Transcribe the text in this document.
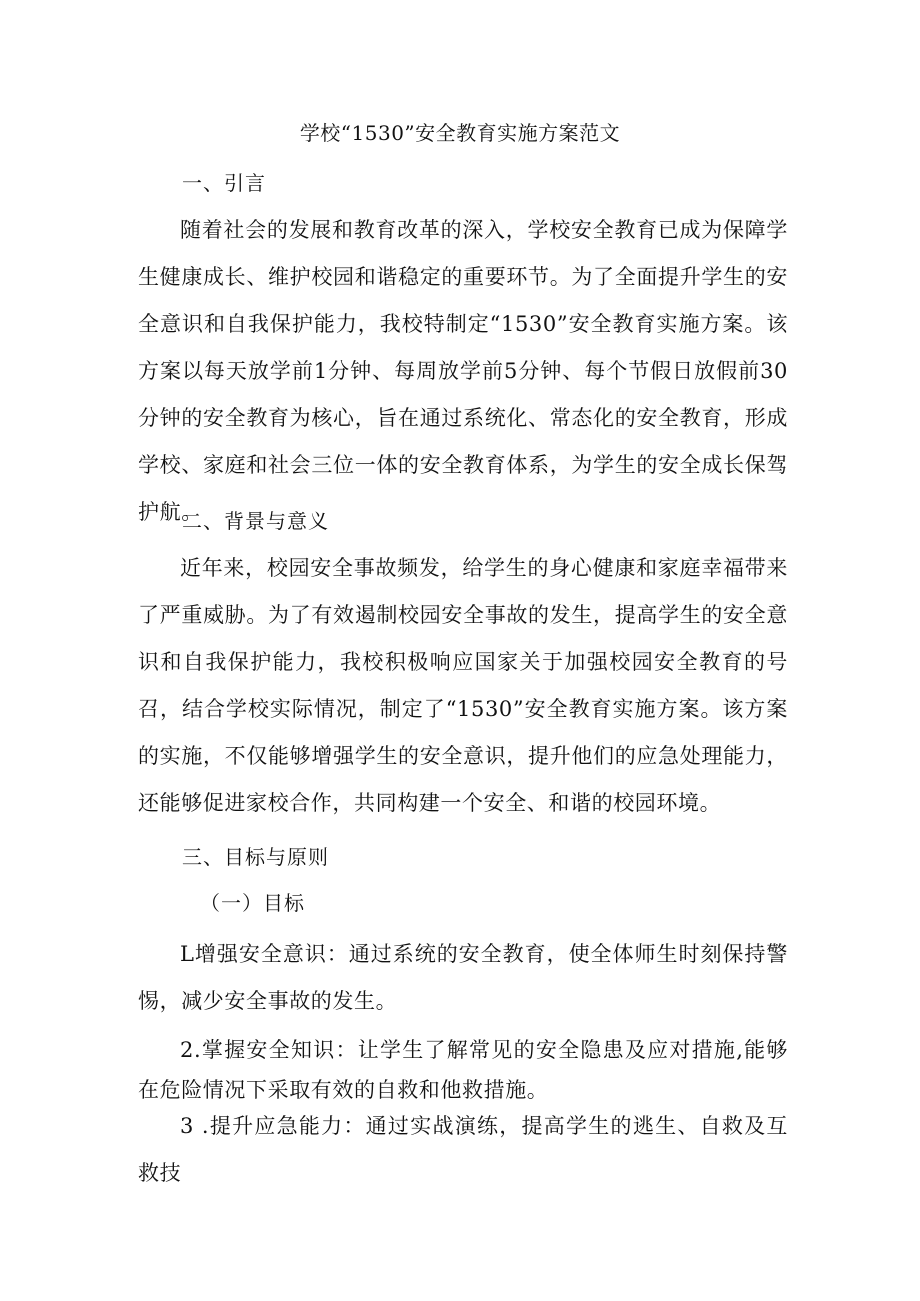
学校“1530”安全教育实施方案范文
一、引言
随着社会的发展和教育改革的深入，学校安全教育已成为保障学生健康成长、维护校园和谐稳定的重要环节。为了全面提升学生的安全意识和自我保护能力，我校特制定“1530”安全教育实施方案。该方案以每天放学前1分钟、每周放学前5分钟、每个节假日放假前30分钟的安全教育为核心，旨在通过系统化、常态化的安全教育，形成学校、家庭和社会三位一体的安全教育体系，为学生的安全成长保驾护航。
二、背景与意义
近年来，校园安全事故频发，给学生的身心健康和家庭幸福带来了严重威胁。为了有效遏制校园安全事故的发生，提高学生的安全意识和自我保护能力，我校积极响应国家关于加强校园安全教育的号召，结合学校实际情况，制定了“1530”安全教育实施方案。该方案的实施，不仅能够增强学生的安全意识，提升他们的应急处理能力，还能够促进家校合作，共同构建一个安全、和谐的校园环境。
三、目标与原则
（一）目标
L增强安全意识：通过系统的安全教育，使全体师生时刻保持警惕，减少安全事故的发生。
2.掌握安全知识：让学生了解常见的安全隐患及应对措施,能够在危险情况下采取有效的自救和他救措施。
3 .提升应急能力：通过实战演练，提高学生的逃生、自救及互救技
